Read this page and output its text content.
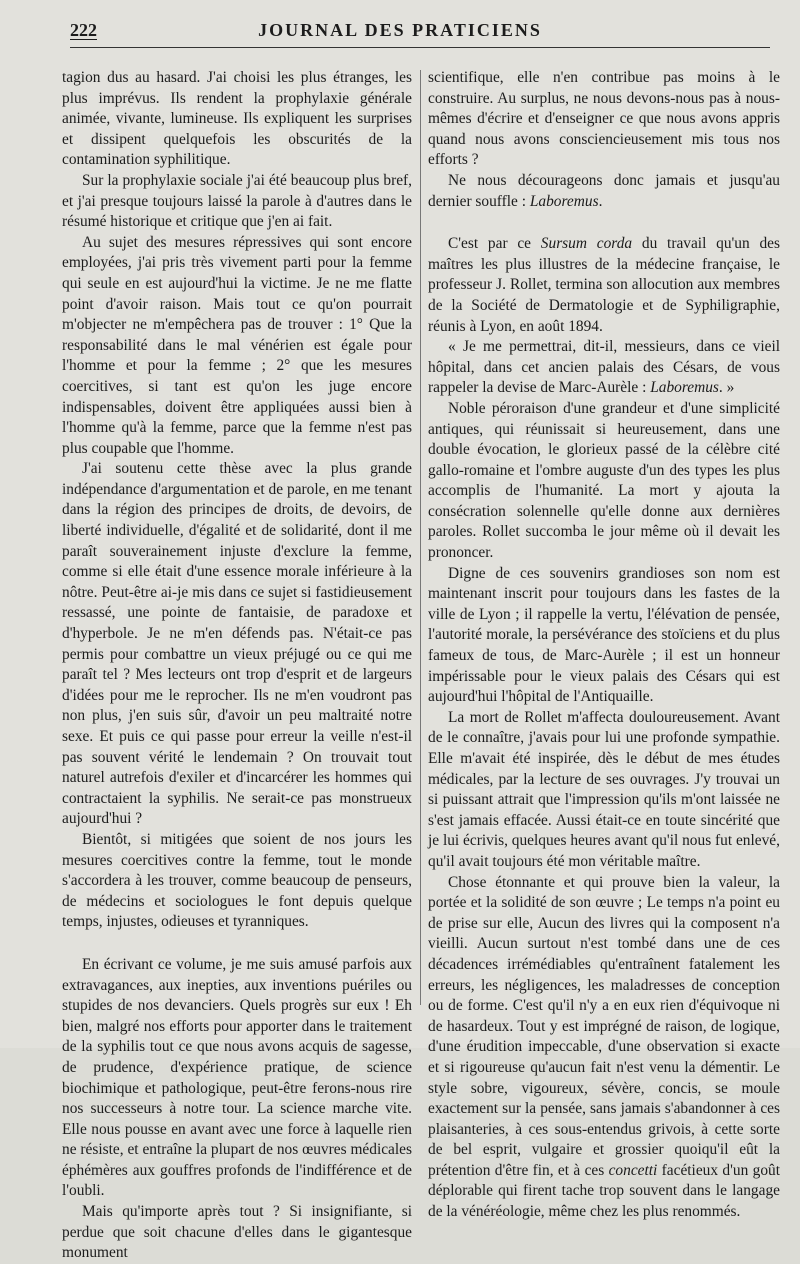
222	JOURNAL DES PRATICIENS

tagion dus au hasard. J'ai choisi les plus étranges, les plus imprévus. Ils rendent la prophylaxie générale animée, vivante, lumineuse. Ils expliquent les surprises et dissipent quelquefois les obscurités de la contamination syphilitique.

Sur la prophylaxie sociale j'ai été beaucoup plus bref, et j'ai presque toujours laissé la parole à d'autres dans le résumé historique et critique que j'en ai fait.

Au sujet des mesures répressives qui sont encore employées, j'ai pris très vivement parti pour la femme qui seule en est aujourd'hui la victime. Je ne me flatte point d'avoir raison. Mais tout ce qu'on pourrait m'objecter ne m'empêchera pas de trouver : 1° Que la responsabilité dans le mal vénérien est égale pour l'homme et pour la femme ; 2° que les mesures coercitives, si tant est qu'on les juge encore indispensables, doivent être appliquées aussi bien à l'homme qu'à la femme, parce que la femme n'est pas plus coupable que l'homme.

J'ai soutenu cette thèse avec la plus grande indépendance d'argumentation et de parole, en me tenant dans la région des principes de droits, de devoirs, de liberté individuelle, d'égalité et de solidarité, dont il me paraît souverainement injuste d'exclure la femme, comme si elle était d'une essence morale inférieure à la nôtre. Peut-être ai-je mis dans ce sujet si fastidieusement ressassé, une pointe de fantaisie, de paradoxe et d'hyperbole. Je ne m'en défends pas. N'était-ce pas permis pour combattre un vieux préjugé ou ce qui me paraît tel ? Mes lecteurs ont trop d'esprit et de largeurs d'idées pour me le reprocher. Ils ne m'en voudront pas non plus, j'en suis sûr, d'avoir un peu maltraité notre sexe. Et puis ce qui passe pour erreur la veille n'est-il pas souvent vérité le lendemain ? On trouvait tout naturel autrefois d'exiler et d'incarcérer les hommes qui contractaient la syphilis. Ne serait-ce pas monstrueux aujourd'hui ?

Bientôt, si mitigées que soient de nos jours les mesures coercitives contre la femme, tout le monde s'accordera à les trouver, comme beaucoup de penseurs, de médecins et sociologues le font depuis quelque temps, injustes, odieuses et tyranniques.

En écrivant ce volume, je me suis amusé parfois aux extravagances, aux inepties, aux inventions puériles ou stupides de nos devanciers. Quels progrès sur eux ! Eh bien, malgré nos efforts pour apporter dans le traitement de la syphilis tout ce que nous avons acquis de sagesse, de prudence, d'expérience pratique, de science biochimique et pathologique, peut-être ferons-nous rire nos successeurs à notre tour. La science marche vite. Elle nous pousse en avant avec une force à laquelle rien ne résiste, et entraîne la plupart de nos œuvres médicales éphémères aux gouffres profonds de l'indifférence et de l'oubli.

Mais qu'importe après tout ? Si insignifiante, si perdue que soit chacune d'elles dans le gigantesque monument

scientifique, elle n'en contribue pas moins à le construire. Au surplus, ne nous devons-nous pas à nous-mêmes d'écrire et d'enseigner ce que nous avons appris quand nous avons consciencieusement mis tous nos efforts ?

Ne nous décourageons donc jamais et jusqu'au dernier souffle : Laboremus.

C'est par ce Sursum corda du travail qu'un des maîtres les plus illustres de la médecine française, le professeur J. Rollet, termina son allocution aux membres de la Société de Dermatologie et de Syphiligraphie, réunis à Lyon, en août 1894.

« Je me permettrai, dit-il, messieurs, dans ce vieil hôpital, dans cet ancien palais des Césars, de vous rappeler la devise de Marc-Aurèle : Laboremus. »

Noble péroraison d'une grandeur et d'une simplicité antiques, qui réunissait si heureusement, dans une double évocation, le glorieux passé de la célèbre cité gallo-romaine et l'ombre auguste d'un des types les plus accomplis de l'humanité. La mort y ajouta la consécration solennelle qu'elle donne aux dernières paroles. Rollet succomba le jour même où il devait les prononcer.

Digne de ces souvenirs grandioses son nom est maintenant inscrit pour toujours dans les fastes de la ville de Lyon ; il rappelle la vertu, l'élévation de pensée, l'autorité morale, la persévérance des stoïciens et du plus fameux de tous, de Marc-Aurèle ; il est un honneur impérissable pour le vieux palais des Césars qui est aujourd'hui l'hôpital de l'Antiquaille.

La mort de Rollet m'affecta douloureusement. Avant de le connaître, j'avais pour lui une profonde sympathie. Elle m'avait été inspirée, dès le début de mes études médicales, par la lecture de ses ouvrages. J'y trouvai un si puissant attrait que l'impression qu'ils m'ont laissée ne s'est jamais effacée. Aussi était-ce en toute sincérité que je lui écrivis, quelques heures avant qu'il nous fut enlevé, qu'il avait toujours été mon véritable maître.

Chose étonnante et qui prouve bien la valeur, la portée et la solidité de son œuvre ; Le temps n'a point eu de prise sur elle, Aucun des livres qui la composent n'a vieilli. Aucun surtout n'est tombé dans une de ces décadences irrémédiables qu'entraînent fatalement les erreurs, les négligences, les maladresses de conception ou de forme. C'est qu'il n'y a en eux rien d'équivoque ni de hasardeux. Tout y est imprégné de raison, de logique, d'une érudition impeccable, d'une observation si exacte et si rigoureuse qu'aucun fait n'est venu la démentir. Le style sobre, vigoureux, sévère, concis, se moule exactement sur la pensée, sans jamais s'abandonner à ces plaisanteries, à ces sous-entendus grivois, à cette sorte de bel esprit, vulgaire et grossier quoiqu'il eût la prétention d'être fin, et à ces concetti facétieux d'un goût déplorable qui firent tache trop souvent dans le langage de la vénéréologie, même chez les plus renommés.
